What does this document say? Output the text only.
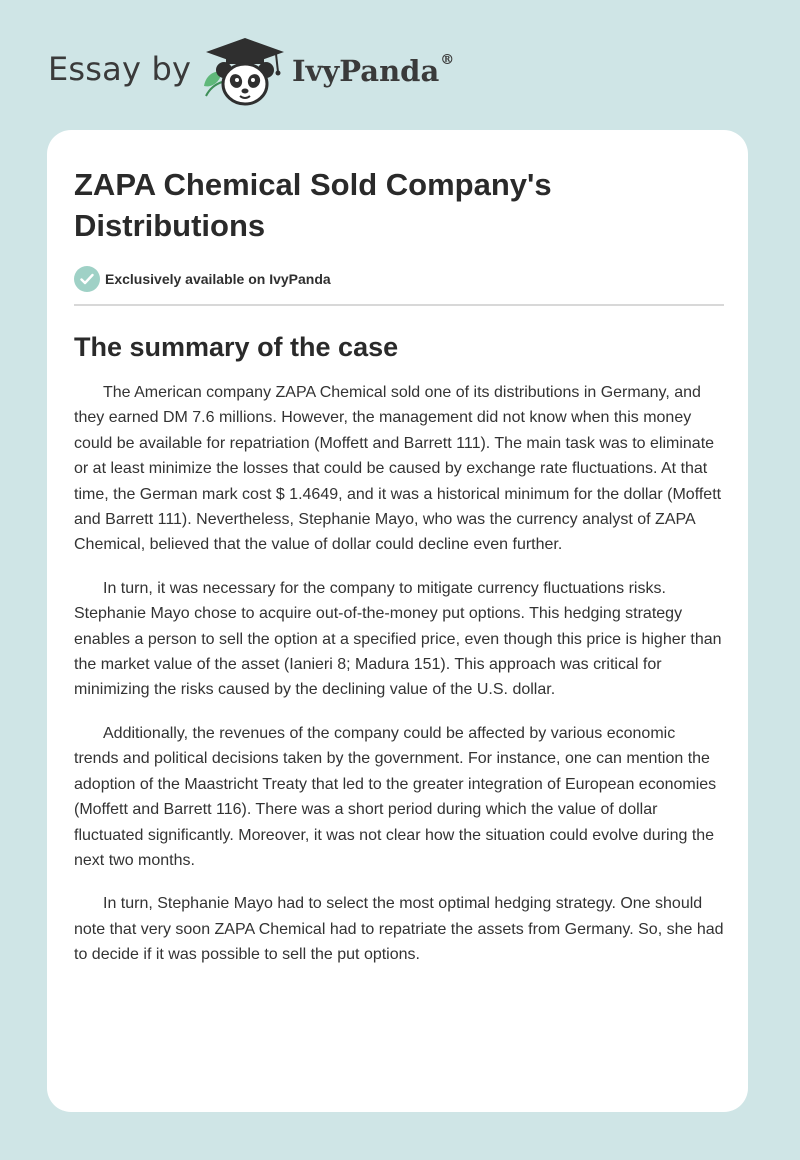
Essay by	IvyPanda®
ZAPA Chemical Sold Company's Distributions
Exclusively available on IvyPanda
The summary of the case

The American company ZAPA Chemical sold one of its distributions in Germany, and they earned DM 7.6 millions. However, the management did not know when this money could be available for repatriation (Moffett and Barrett 111). The main task was to eliminate or at least minimize the losses that could be caused by exchange rate fluctuations. At that time, the German mark cost $ 1.4649, and it was a historical minimum for the dollar (Moffett and Barrett 111). Nevertheless, Stephanie Mayo, who was the currency analyst of ZAPA Chemical, believed that the value of dollar could decline even further.

In turn, it was necessary for the company to mitigate currency fluctuations risks. Stephanie Mayo chose to acquire out-of-the-money put options. This hedging strategy enables a person to sell the option at a specified price, even though this price is higher than the market value of the asset (Ianieri 8; Madura 151). This approach was critical for minimizing the risks caused by the declining value of the U.S. dollar.

Additionally, the revenues of the company could be affected by various economic trends and political decisions taken by the government. For instance, one can mention the adoption of the Maastricht Treaty that led to the greater integration of European economies (Moffett and Barrett 116). There was a short period during which the value of dollar fluctuated significantly. Moreover, it was not clear how the situation could evolve during the next two months.

In turn, Stephanie Mayo had to select the most optimal hedging strategy. One should note that very soon ZAPA Chemical had to repatriate the assets from Germany. So, she had to decide if it was possible to sell the put options.
